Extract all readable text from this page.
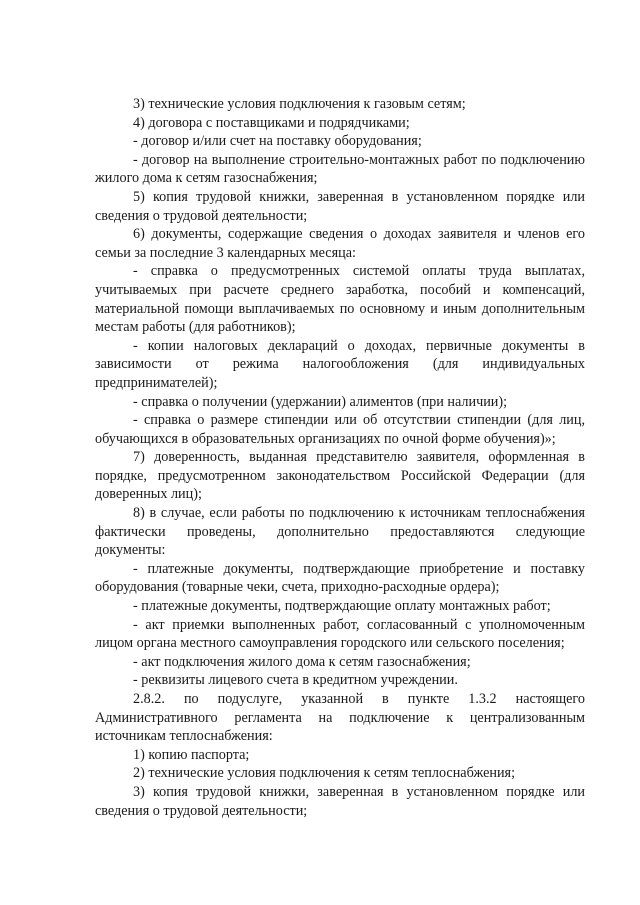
3) технические условия подключения к газовым сетям;

4) договора с поставщиками и подрядчиками;

- договор и/или счет на поставку оборудования;

- договор на выполнение строительно-монтажных работ по подключению жилого дома к сетям газоснабжения;

5) копия трудовой книжки, заверенная в установленном порядке или сведения о трудовой деятельности;

6) документы, содержащие сведения о доходах заявителя и членов его семьи за последние 3 календарных месяца:

- справка о предусмотренных системой оплаты труда выплатах, учитываемых при расчете среднего заработка, пособий и компенсаций, материальной помощи выплачиваемых по основному и иным дополнительным местам работы (для работников);

- копии налоговых деклараций о доходах, первичные документы в зависимости от режима налогообложения (для индивидуальных предпринимателей);

- справка о получении (удержании) алиментов (при наличии);

- справка о размере стипендии или об отсутствии стипендии (для лиц, обучающихся в образовательных организациях по очной форме обучения)»;

7) доверенность, выданная представителю заявителя, оформленная в порядке, предусмотренном законодательством Российской Федерации (для доверенных лиц);

8) в случае, если работы по подключению к источникам теплоснабжения фактически проведены, дополнительно предоставляются следующие документы:

- платежные документы, подтверждающие приобретение и поставку оборудования (товарные чеки, счета, приходно-расходные ордера);

- платежные документы, подтверждающие оплату монтажных работ;

- акт приемки выполненных работ, согласованный с уполномоченным лицом органа местного самоуправления городского или сельского поселения;

- акт подключения жилого дома к сетям газоснабжения;

- реквизиты лицевого счета в кредитном учреждении.

2.8.2. по подуслуге, указанной в пункте 1.3.2 настоящего Административного регламента на подключение к централизованным источникам теплоснабжения:

1) копию паспорта;

2) технические условия подключения к сетям теплоснабжения;

3) копия трудовой книжки, заверенная в установленном порядке или сведения о трудовой деятельности;
